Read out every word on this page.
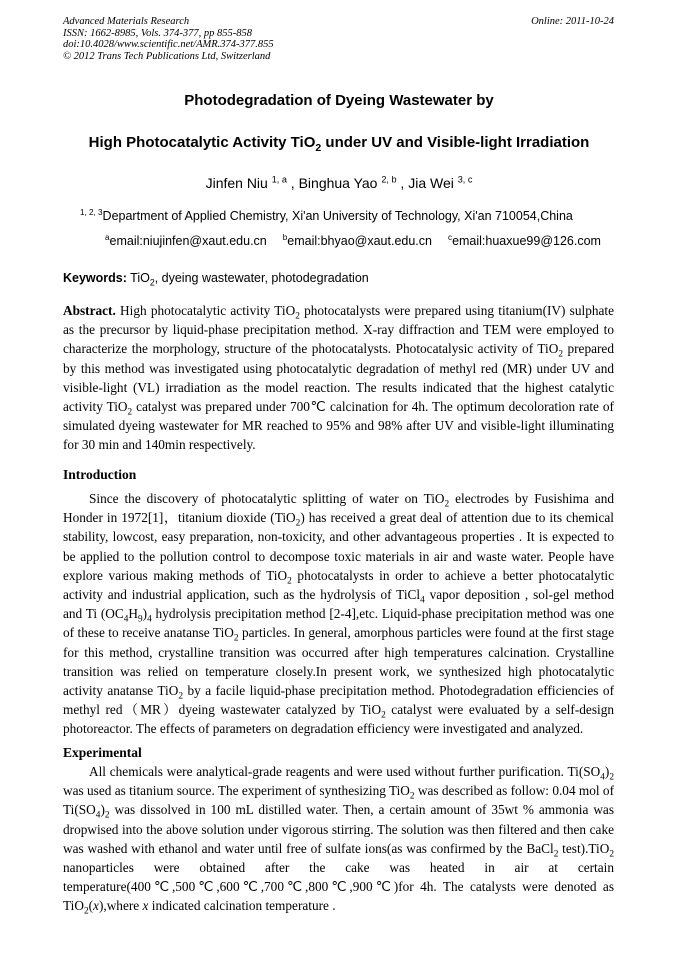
Advanced Materials Research
ISSN: 1662-8985, Vols. 374-377, pp 855-858
doi:10.4028/www.scientific.net/AMR.374-377.855
© 2012 Trans Tech Publications Ltd, Switzerland
Online: 2011-10-24
Photodegradation of Dyeing Wastewater by
High Photocatalytic Activity TiO$_2$ under UV and Visible-light Irradiation
Jinfen Niu $^{1, a}$ , Binghua Yao $^{2, b}$ , Jia Wei $^{3, c}$
$^{1, 2, 3}$Department of Applied Chemistry, Xi'an University of Technology, Xi'an 710054,China
$^a$email:niujinfen@xaut.edu.cn $^b$email:bhyao@xaut.edu.cn $^c$email:huaxue99@126.com
Keywords: TiO$_2$, dyeing wastewater, photodegradation
Abstract. High photocatalytic activity TiO$_2$ photocatalysts were prepared using titanium(IV) sulphate as the precursor by liquid-phase precipitation method. X-ray diffraction and TEM were employed to characterize the morphology, structure of the photocatalysts. Photocatalysic activity of TiO$_2$ prepared by this method was investigated using photocatalytic degradation of methyl red (MR) under UV and visible-light (VL) irradiation as the model reaction. The results indicated that the highest catalytic activity TiO$_2$ catalyst was prepared under 700℃ calcination for 4h. The optimum decoloration rate of simulated dyeing wastewater for MR reached to 95% and 98% after UV and visible-light illuminating for 30 min and 140min respectively.
Introduction

Since the discovery of photocatalytic splitting of water on TiO$_2$ electrodes by Fusishima and Honder in 1972[1]，titanium dioxide (TiO$_2$) has received a great deal of attention due to its chemical stability, lowcost, easy preparation, non-toxicity, and other advantageous properties . It is expected to be applied to the pollution control to decompose toxic materials in air and waste water. People have explore various making methods of TiO$_2$ photocatalysts in order to achieve a better photocatalytic activity and industrial application, such as the hydrolysis of TiCl$_4$ vapor deposition , sol-gel method and Ti $(OC_4H_9)_4$ hydrolysis precipitation method [2-4],etc. Liquid-phase precipitation method was one of these to receive anatanse TiO$_2$ particles. In general, amorphous particles were found at the first stage for this method, crystalline transition was occurred after high temperatures calcination. Crystalline transition was relied on temperature closely.In present work, we synthesized high photocatalytic activity anatanse TiO$_2$ by a facile liquid-phase precipitation method. Photodegradation efficiencies of methyl red（MR）dyeing wastewater catalyzed by TiO$_2$ catalyst were evaluated by a self-design photoreactor. The effects of parameters on degradation efficiency were investigated and analyzed.

Experimental

All chemicals were analytical-grade reagents and were used without further purification. $Ti(SO_4)_2$ was used as titanium source. The experiment of synthesizing TiO$_2$ was described as follow: 0.04 mol of $Ti(SO_4)_2$ was dissolved in 100 mL distilled water. Then, a certain amount of 35wt % ammonia was dropwised into the above solution under vigorous stirring. The solution was then filtered and then cake was washed with ethanol and water until free of sulfate ions(as was confirmed by the BaCl$_2$ test).TiO$_2$ nanoparticles were obtained after the cake was heated in air at certain temperature(400℃,500℃,600℃,700℃,800℃,900℃)for 4h. The catalysts were denoted as TiO$_2$(x),where x indicated calcination temperature .
